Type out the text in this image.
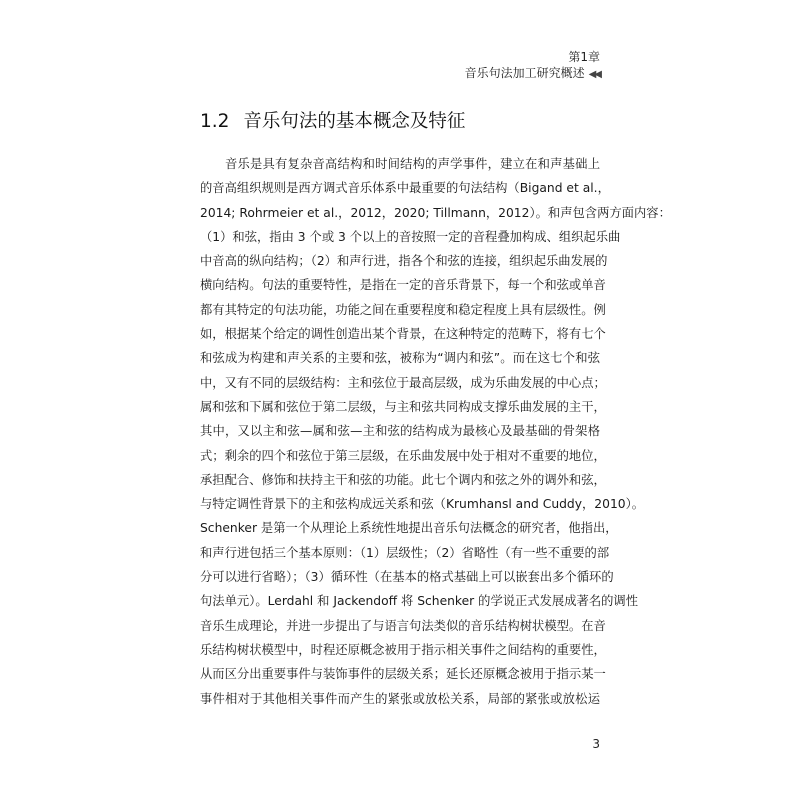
第1章
音乐句法加工研究概述 ◀◀
1.2 音乐句法的基本概念及特征
音乐是具有复杂音高结构和时间结构的声学事件，建立在和声基础上
的音高组织规则是西方调式音乐体系中最重要的句法结构（Bigand et al.，
2014; Rohrmeier et al.，2012，2020; Tillmann，2012）。和声包含两方面内容：
（1）和弦，指由 3 个或 3 个以上的音按照一定的音程叠加构成、组织起乐曲
中音高的纵向结构；（2）和声行进，指各个和弦的连接，组织起乐曲发展的
横向结构。句法的重要特性，是指在一定的音乐背景下，每一个和弦或单音
都有其特定的句法功能，功能之间在重要程度和稳定程度上具有层级性。例
如，根据某个给定的调性创造出某个背景，在这种特定的范畴下，将有七个
和弦成为构建和声关系的主要和弦，被称为“调内和弦”。而在这七个和弦
中，又有不同的层级结构：主和弦位于最高层级，成为乐曲发展的中心点；
属和弦和下属和弦位于第二层级，与主和弦共同构成支撑乐曲发展的主干，
其中，又以主和弦—属和弦—主和弦的结构成为最核心及最基础的骨架格
式；剩余的四个和弦位于第三层级，在乐曲发展中处于相对不重要的地位，
承担配合、修饰和扶持主干和弦的功能。此七个调内和弦之外的调外和弦，
与特定调性背景下的主和弦构成远关系和弦（Krumhansl and Cuddy，2010）。
Schenker 是第一个从理论上系统性地提出音乐句法概念的研究者，他指出，
和声行进包括三个基本原则：（1）层级性；（2）省略性（有一些不重要的部
分可以进行省略）；（3）循环性（在基本的格式基础上可以嵌套出多个循环的
句法单元）。Lerdahl 和 Jackendoff 将 Schenker 的学说正式发展成著名的调性
音乐生成理论，并进一步提出了与语言句法类似的音乐结构树状模型。在音
乐结构树状模型中，时程还原概念被用于指示相关事件之间结构的重要性，
从而区分出重要事件与装饰事件的层级关系；延长还原概念被用于指示某一
事件相对于其他相关事件而产生的紧张或放松关系，局部的紧张或放松运
3
